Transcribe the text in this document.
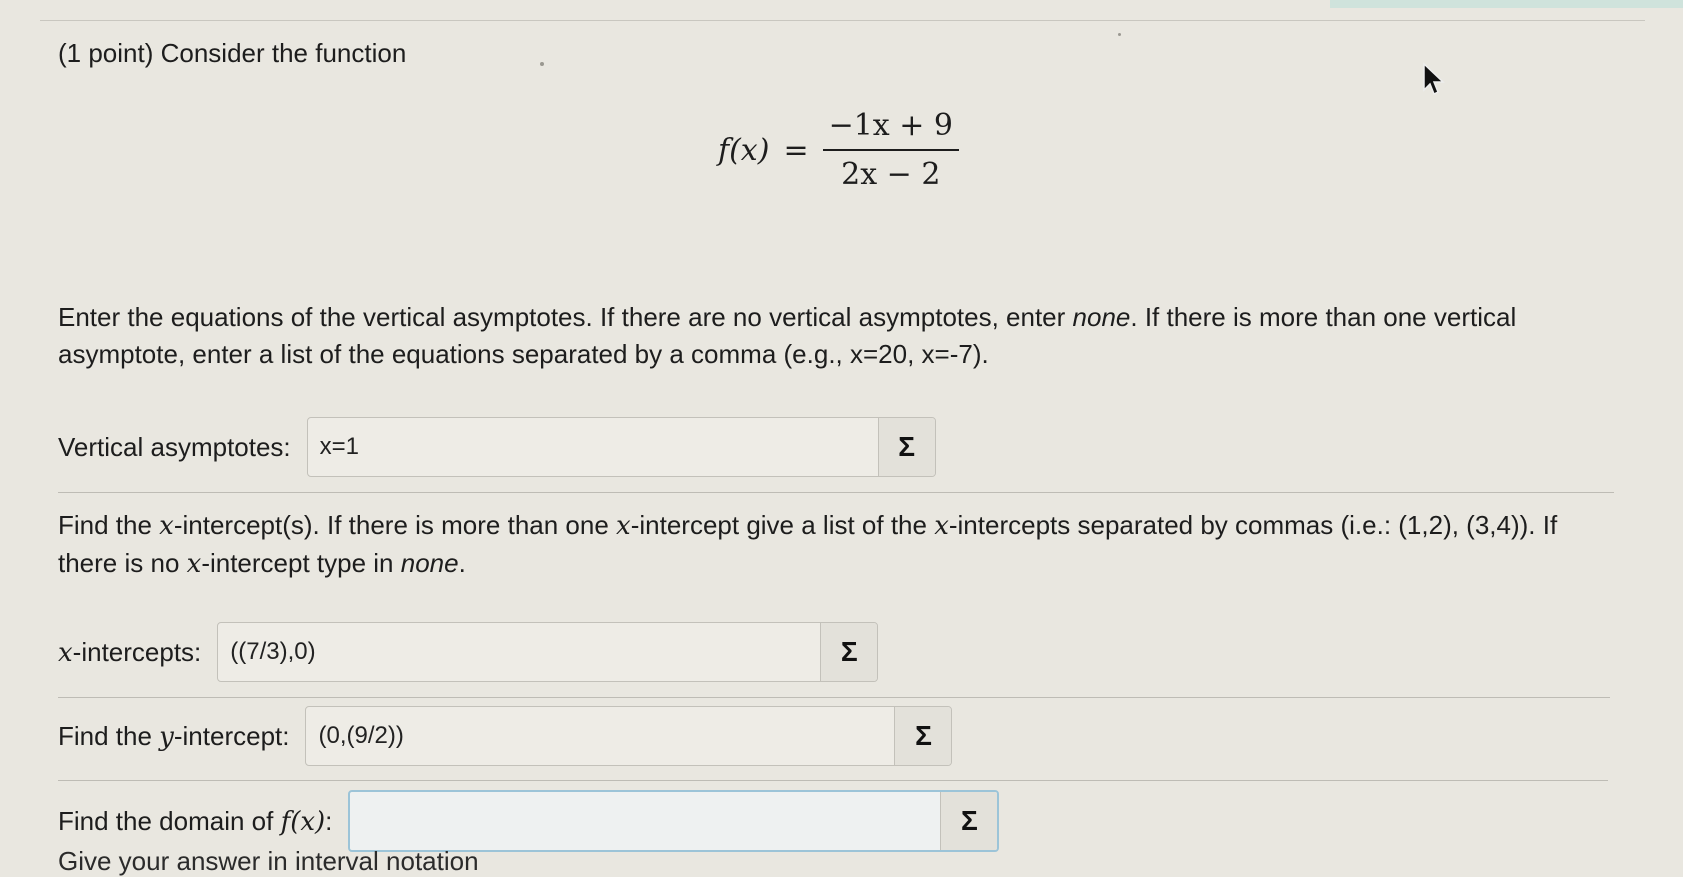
(1 point) Consider the function
$f(x) = \frac{-1x + 9}{2x - 2}$
Enter the equations of the vertical asymptotes. If there are no vertical asymptotes, enter none. If there is more than one vertical asymptote, enter a list of the equations separated by a comma (e.g., x=20, x=-7).
Vertical asymptotes:
x=1	Σ
Find the x-intercept(s). If there is more than one x-intercept give a list of the x-intercepts separated by commas (i.e.: (1,2), (3,4)). If there is no x-intercept type in none.
x-intercepts:
((7/3),0)	Σ
Find the y-intercept:
(0,(9/2))	Σ
Find the domain of f(x):	Σ
Give your answer in interval notation
